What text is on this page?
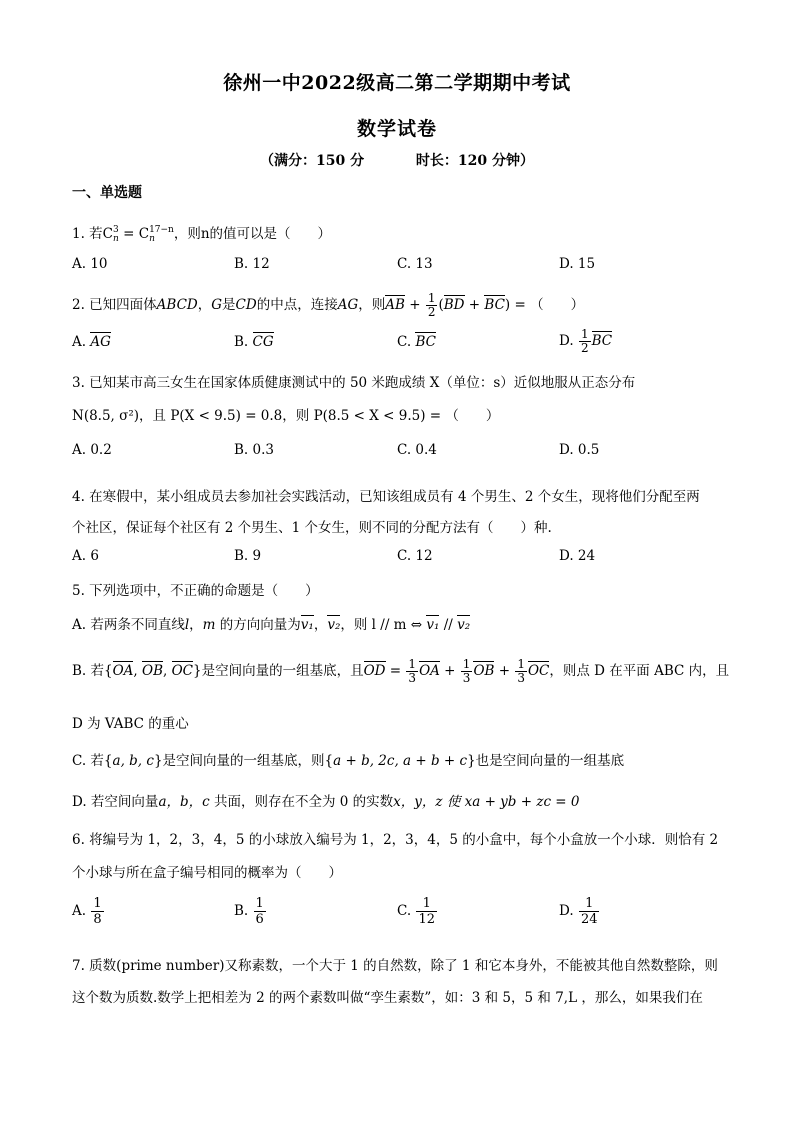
徐州一中2022级高二第二学期期中考试
数学试卷
（满分：150 分	时长：120 分钟）
一、单选题
1. 若C 3
n = C 17−n
n	，则n的值可以是（　　）
A. 10	B. 12	C. 13	D. 15
2. 已知四面体ABCD，G是CD的中点，连接AG，则AB + $\frac{1}{2} (BD + BC)$ = （　　）
A. AG	B. CG	C. BC	D. $\frac{1}{2}$ BC
3. 已知某市高三女生在国家体质健康测试中的 50 米跑成绩 X（单位：s）近似地服从正态分布
N(8.5, σ²)，且 P(X < 9.5) = 0.8，则 P(8.5 < X < 9.5) = （　　）
A. 0.2	B. 0.3	C. 0.4	D. 0.5
4. 在寒假中，某小组成员去参加社会实践活动，已知该组成员有 4 个男生、2 个女生，现将他们分配至两
个社区，保证每个社区有 2 个男生、1 个女生，则不同的分配方法有（　　）种.
A. 6	B. 9	C. 12	D. 24
5. 下列选项中，不正确的命题是（　　）
A. 若两条不同直线l，m 的方向向量为v₁，v₂，则 l // m ⇔ v₁ // v₂
B. 若{OA, OB, OC}是空间向量的一组基底，且OD = $\frac{1}{3}$ OA + $\frac{1}{3}$ OB + $\frac{1}{3}$ OC，则点 D 在平面 ABC 内，且
D 为 VABC 的重心
C. 若{a, b, c}是空间向量的一组基底，则{a + b, 2c, a + b + c}也是空间向量的一组基底
D. 若空间向量a，b，c 共面，则存在不全为 0 的实数x，y，z 使 xa + yb + zc = 0
6. 将编号为 1，2，3，4，5 的小球放入编号为 1，2，3，4，5 的小盒中，每个小盒放一个小球．则恰有 2
个小球与所在盒子编号相同的概率为（　　）
A. $\frac{1}{8}$	B. $\frac{1}{6}$	C. $\frac{1}{12}$	D. $\frac{1}{24}$
7. 质数(prime number)又称素数，一个大于 1 的自然数，除了 1 和它本身外，不能被其他自然数整除，则
这个数为质数.数学上把相差为 2 的两个素数叫做“孪生素数”，如：3 和 5，5 和 7,L ，那么，如果我们在
